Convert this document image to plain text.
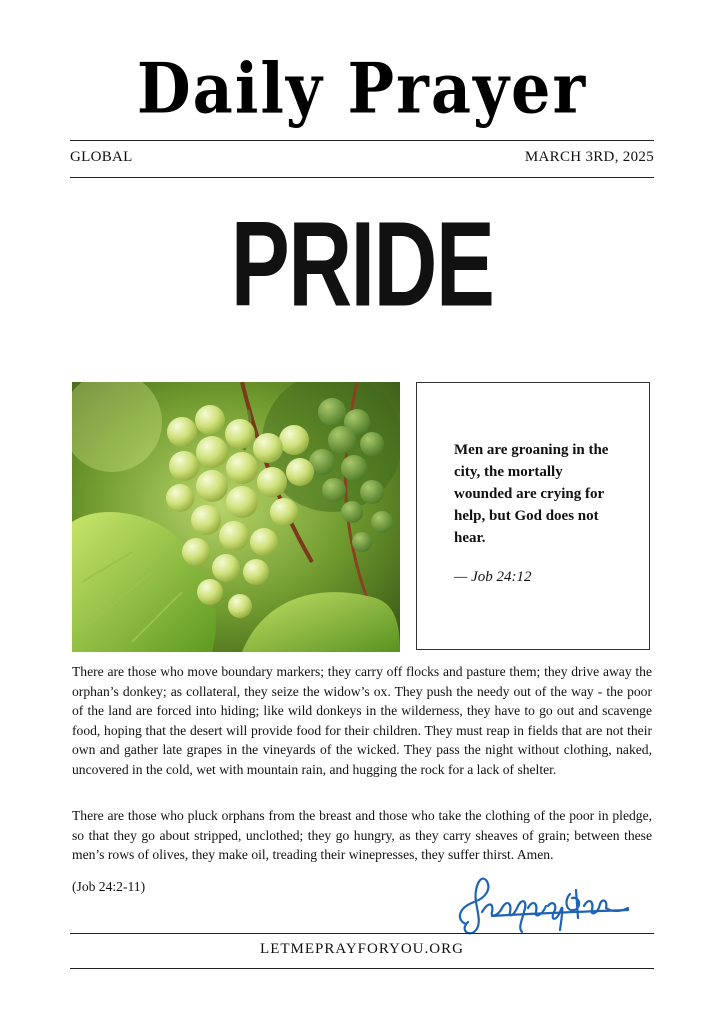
Daily Prayer
GLOBAL	MARCH 3RD, 2025
PRIDE
Men are groaning in the city, the mortally wounded are crying for help, but God does not hear.
— Job 24:12
There are those who move boundary markers; they carry off flocks and pasture them; they drive away the orphan’s donkey; as collateral, they seize the widow’s ox. They push the needy out of the way - the poor of the land are forced into hiding; like wild donkeys in the wilderness, they have to go out and scavenge food, hoping that the desert will provide food for their children. They must reap in fields that are not their own and gather late grapes in the vineyards of the wicked. They pass the night without clothing, naked, uncovered in the cold, wet with mountain rain, and hugging the rock for a lack of shelter.
There are those who pluck orphans from the breast and those who take the clothing of the poor in pledge, so that they go about stripped, unclothed; they go hungry, as they carry sheaves of grain; between these men’s rows of olives, they make oil, treading their winepresses, they suffer thirst. Amen.
(Job 24:2-11)
LETMEPRAYFORYOU.ORG
